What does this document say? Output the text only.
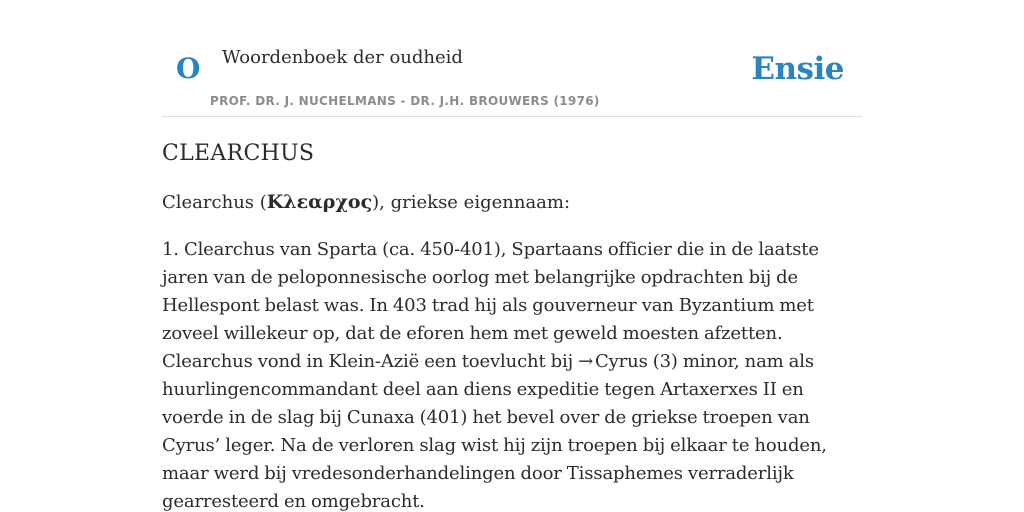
O Woordenboek der oudheid	Ensie
PROF. DR. J. NUCHELMANS - DR. J.H. BROUWERS (1976)
CLEARCHUS

Clearchus (Κλεαρχος), griekse eigennaam:

1. Clearchus van Sparta (ca. 450-401), Spartaans officier die in de laatste jaren van de peloponnesische oorlog met belangrijke opdrachten bij de Hellespont belast was. In 403 trad hij als gouverneur van Byzantium met zoveel willekeur op, dat de eforen hem met geweld moesten afzetten. Clearchus vond in Klein-Azië een toevlucht bij → Cyrus (3) minor, nam als huurlingencommandant deel aan diens expeditie tegen Artaxerxes II en voerde in de slag bij Cunaxa (401) het bevel over de griekse troepen van Cyrus’ leger. Na de verloren slag wist hij zijn troepen bij elkaar te houden, maar werd bij vredesonderhandelingen door Tissaphemes verraderlijk gearresteerd en omgebracht.
